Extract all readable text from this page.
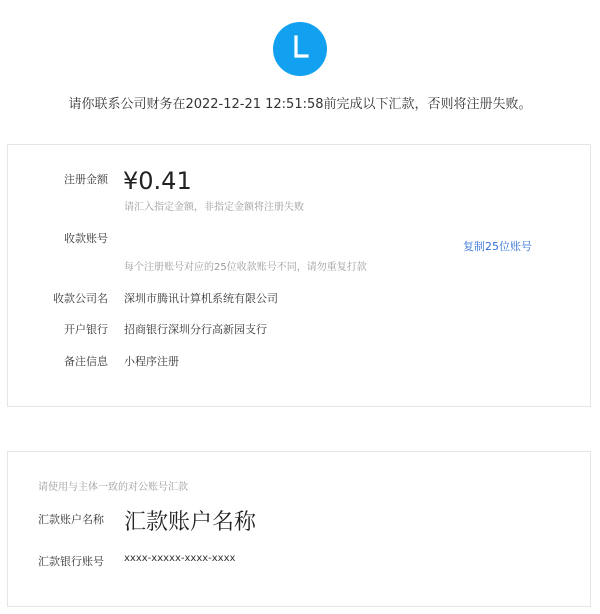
请你联系公司财务在2022-12-21 12:51:58前完成以下汇款，否则将注册失败。
注册金额 ¥0.41
请汇入指定金额，非指定金额将注册失败
收款账号
复制25位账号
每个注册账号对应的25位收款账号不同，请勿重复打款
收款公司名 深圳市腾讯计算机系统有限公司
开户银行 招商银行深圳分行高新园支行
备注信息 小程序注册
请使用与主体一致的对公账号汇款
汇款账户名称 汇款账户名称
汇款银行账号 xxxx-xxxxx-xxxx-xxxx
